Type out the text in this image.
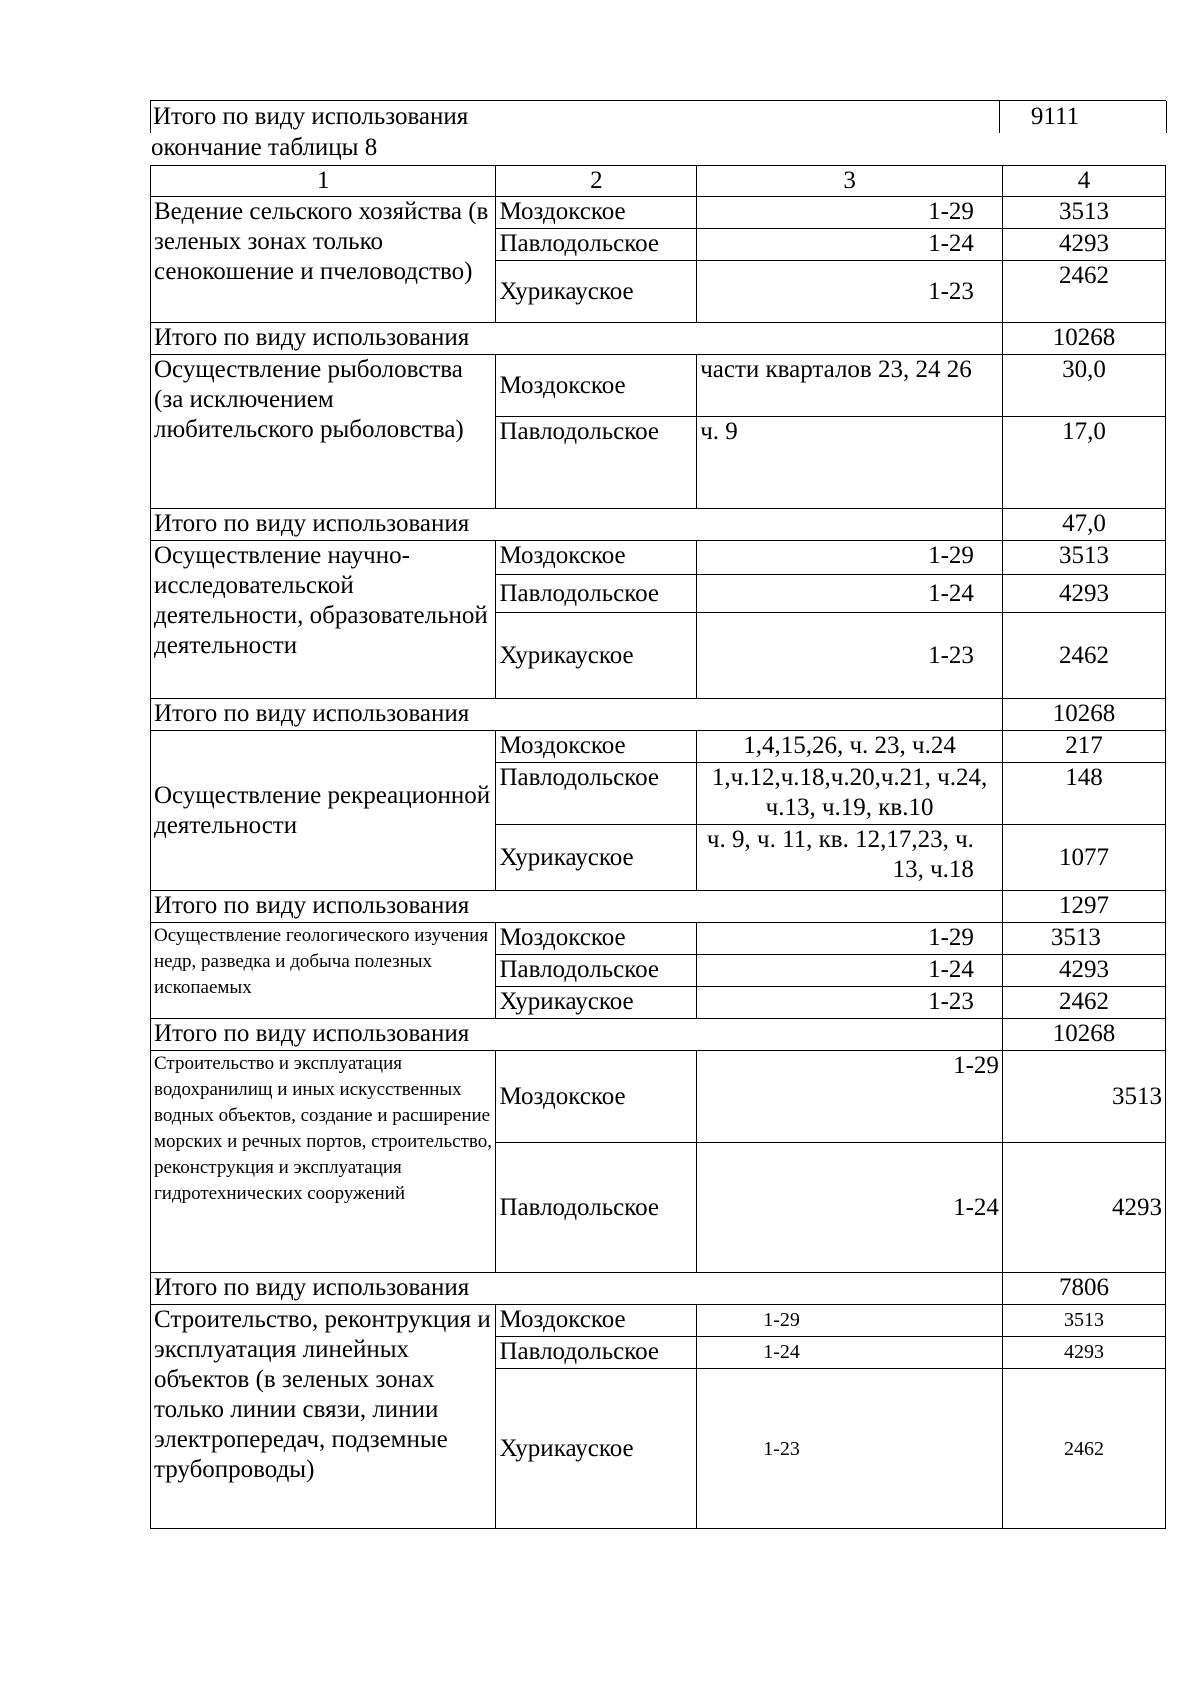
Итого по виду использования	9111
окончание таблицы 8
1	2	3	4
Ведение сельского хозяйства (в зеленых зонах только сенокошение и пчеловодство)	Моздокское	1-29	3513
	Павлодольское	1-24	4293
	Хурикауское	1-23	2462
Итого по виду использования			10268
Осуществление рыболовства (за исключением любительского рыболовства)	Моздокское	части кварталов 23, 24 26	30,0
	Павлодольское	ч. 9	17,0
Итого по виду использования			47,0
Осуществление научно-исследовательской деятельности, образовательной деятельности	Моздокское	1-29	3513
	Павлодольское	1-24	4293
	Хурикауское	1-23	2462
Итого по виду использования			10268
Осуществление рекреационной деятельности	Моздокское	1,4,15,26, ч. 23, ч.24	217
	Павлодольское	1,ч.12,ч.18,ч.20,ч.21, ч.24, ч.13, ч.19, кв.10	148
	Хурикауское	ч. 9, ч. 11, кв. 12,17,23, ч. 13, ч.18	1077
Итого по виду использования			1297
Осуществление геологического изучения недр, разведка и добыча полезных ископаемых	Моздокское	1-29	3513
	Павлодольское	1-24	4293
	Хурикауское	1-23	2462
Итого по виду использования			10268
Строительство и эксплуатация водохранилищ и иных искусственных водных объектов, создание и расширение морских и речных портов, строительство, реконструкция и эксплуатация гидротехнических сооружений	Моздокское	1-29	3513
	Павлодольское	1-24	4293
Итого по виду использования			7806
Строительство, реконтрукция и эксплуатация линейных объектов (в зеленых зонах только линии связи, линии электропередач, подземные трубопроводы)	Моздокское	1-29	3513
	Павлодольское	1-24	4293
	Хурикауское	1-23	2462
